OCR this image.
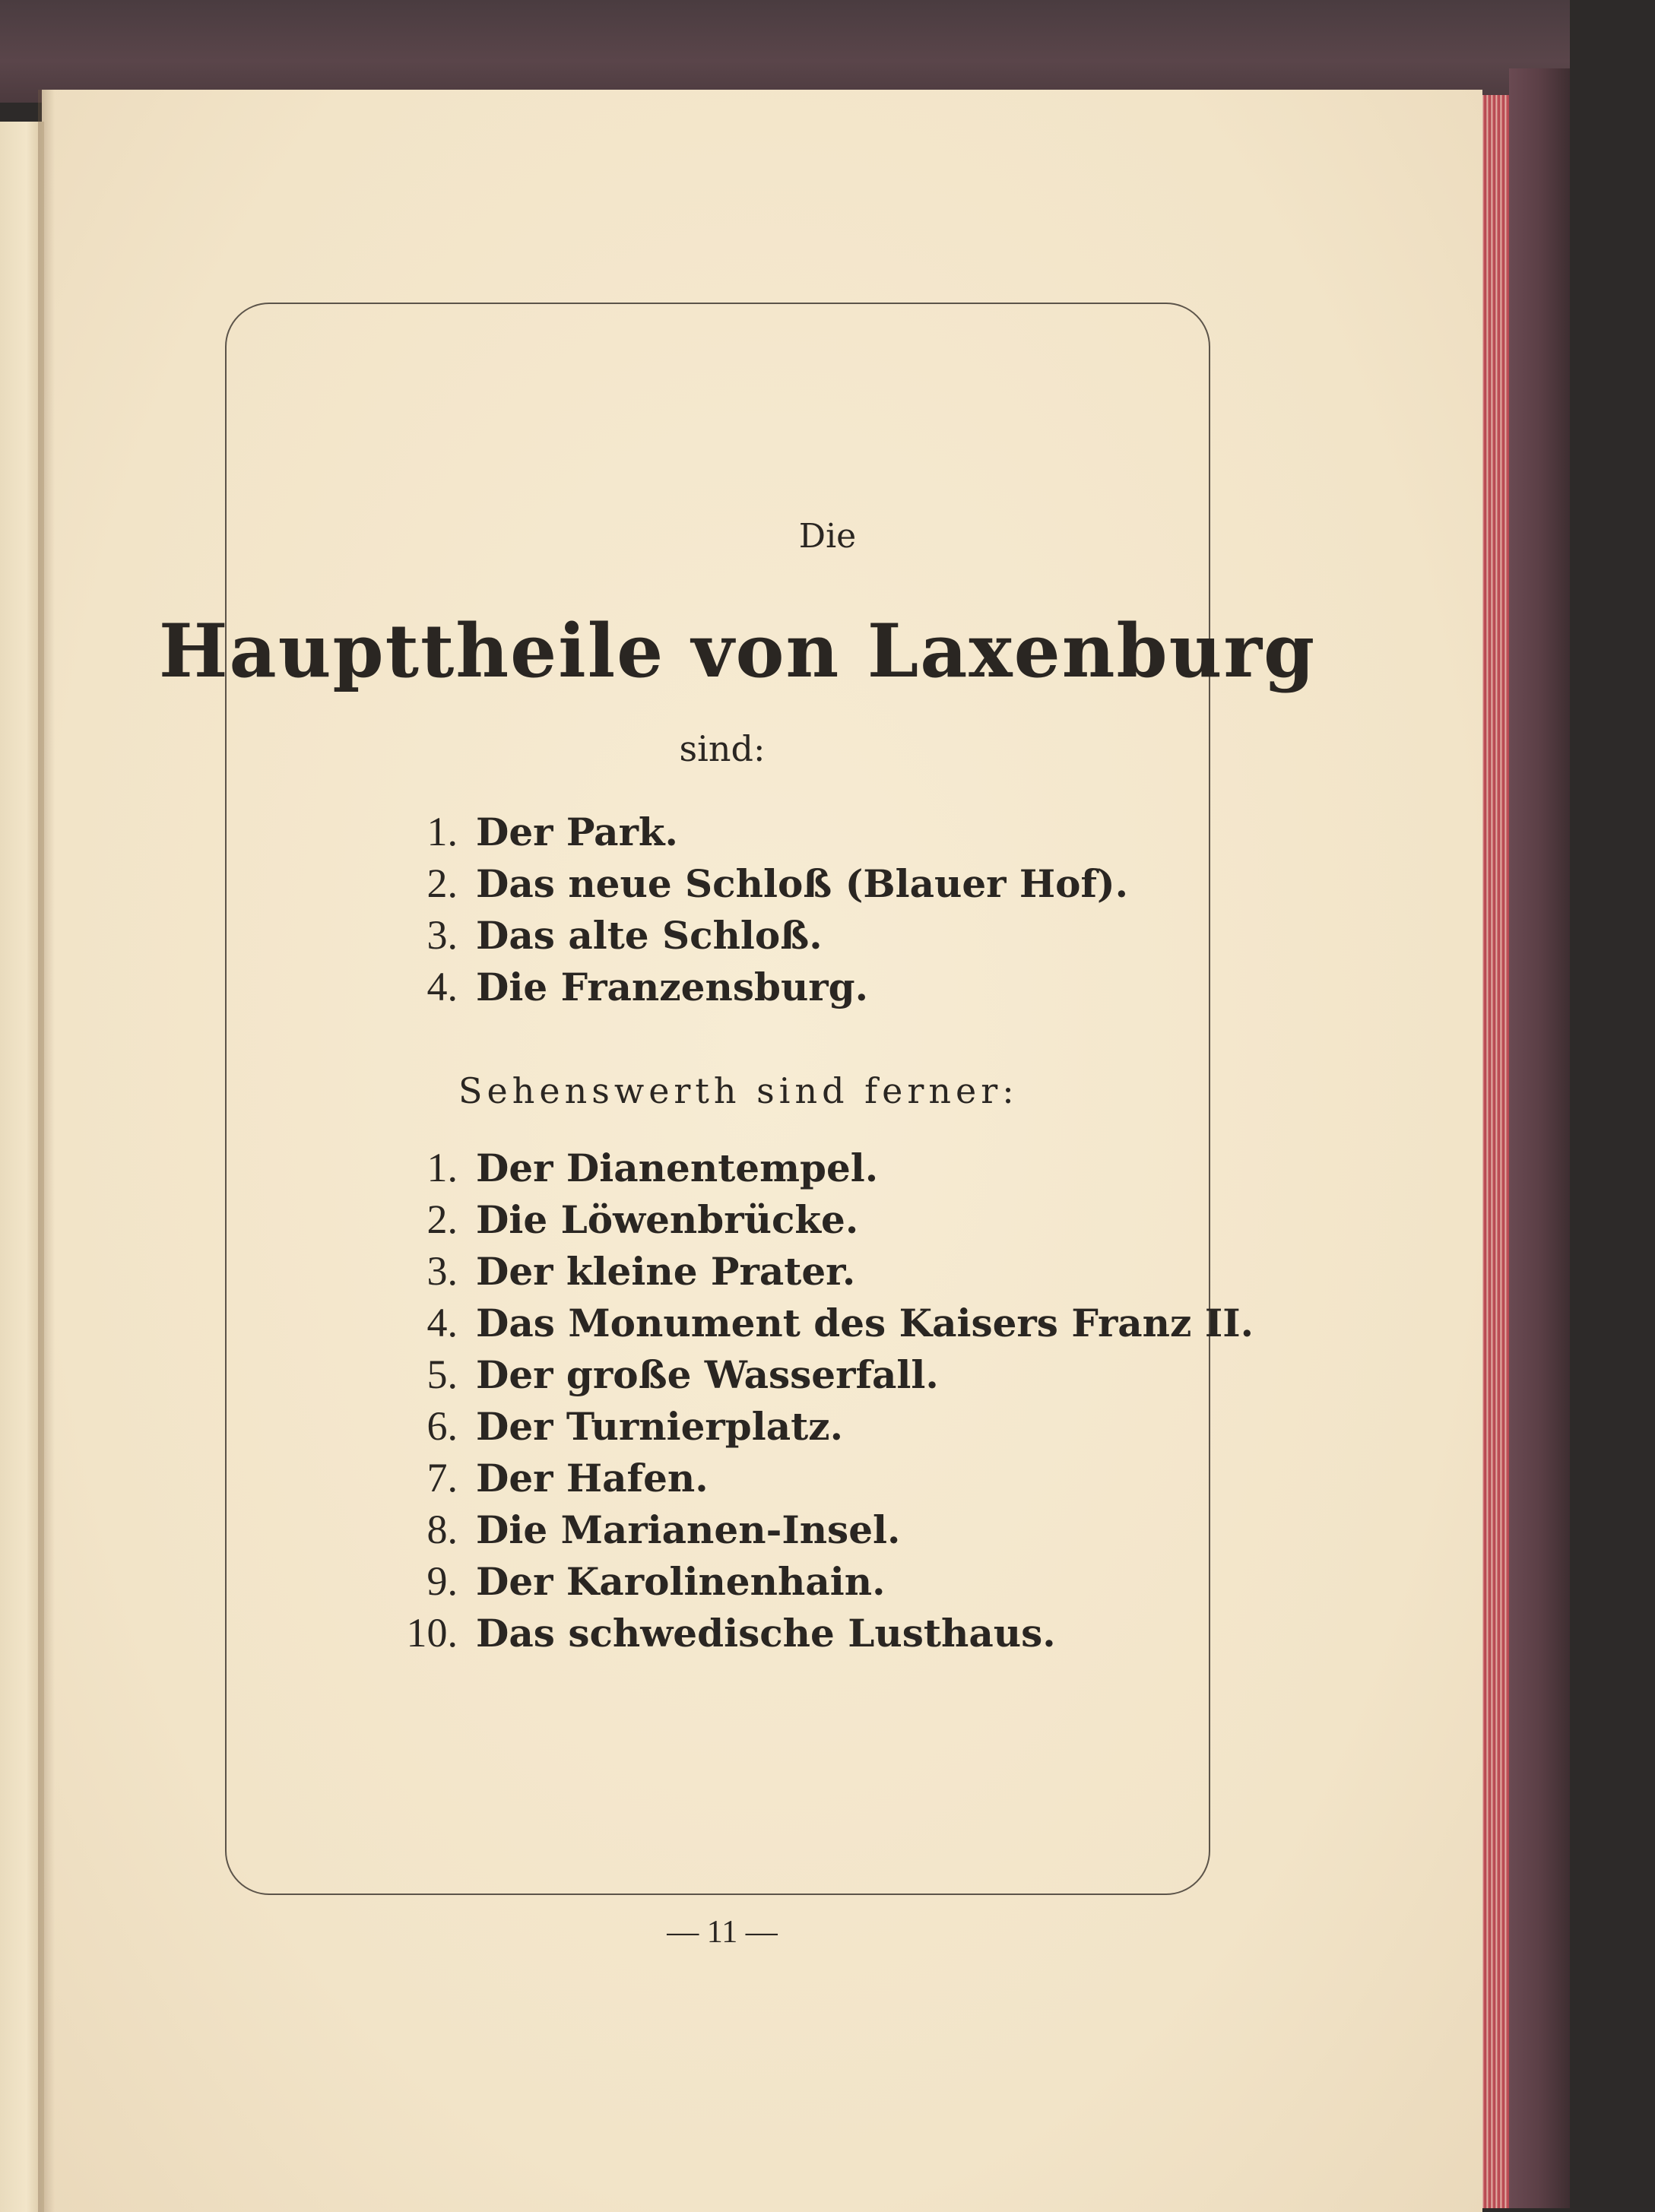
Die
Haupttheile von Laxenburg
sind:
1. Der Park.
2. Das neue Schloß (Blauer Hof).
3. Das alte Schloß.
4. Die Franzensburg.
Sehenswerth sind ferner:
1. Der Dianentempel.
2. Die Löwenbrücke.
3. Der kleine Prater.
4. Das Monument des Kaisers Franz II.
5. Der große Wasserfall.
6. Der Turnierplatz.
7. Der Hafen.
8. Die Marianen-Insel.
9. Der Karolinenhain.
10. Das schwedische Lusthaus.
— 11 —
